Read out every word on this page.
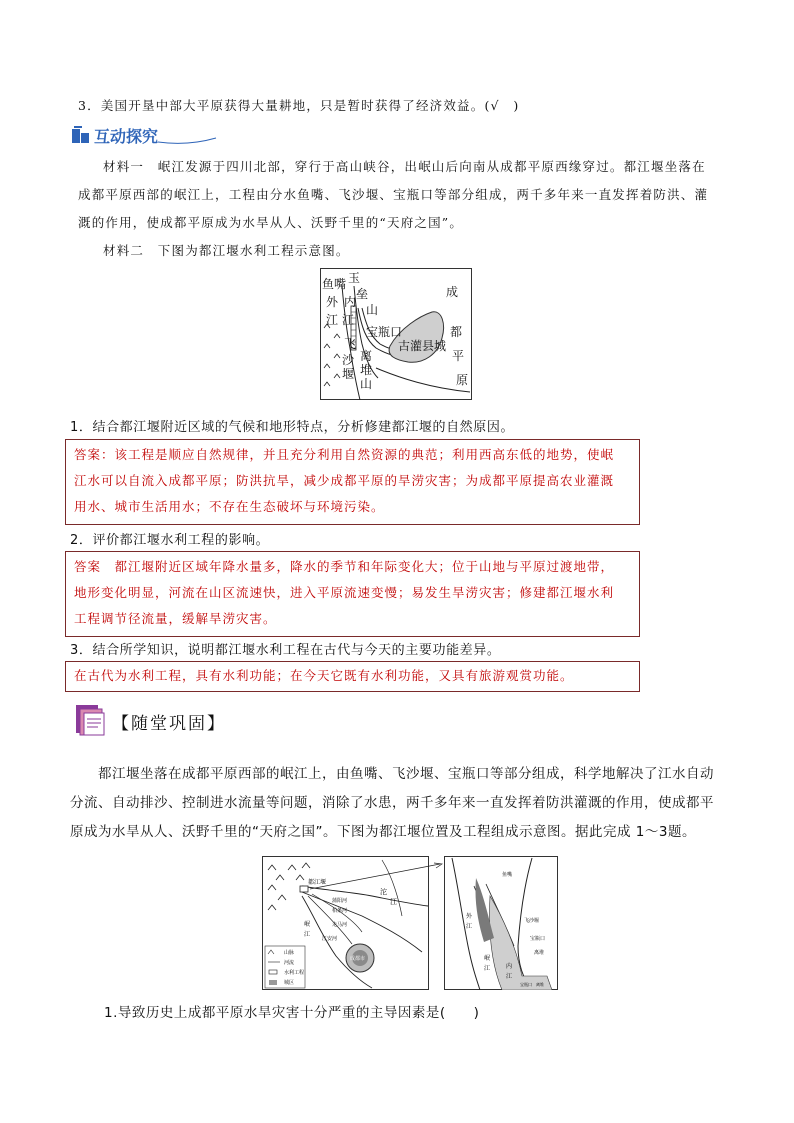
3．美国开垦中部大平原获得大量耕地，只是暂时获得了经济效益。(√　)
互动探究
材料一　岷江发源于四川北部，穿行于高山峡谷，出岷山后向南从成都平原西缘穿过。都江堰坐落在
成都平原西部的岷江上，工程由分水鱼嘴、飞沙堰、宝瓶口等部分组成，两千多年来一直发挥着防洪、灌
溉的作用，使成都平原成为水旱从人、沃野千里的“天府之国”。
材料二　下图为都江堰水利工程示意图。
鱼 嘴 玉
垒
山
外 内
江 江
宝瓶口
成
都
平
原
古灌县城
飞
沙
堰
离
堆
山
1．结合都江堰附近区域的气候和地形特点，分析修建都江堰的自然原因。
答案：该工程是顺应自然规律，并且充分利用自然资源的典范；利用西高东低的地势，使岷
江水可以自流入成都平原；防洪抗旱，减少成都平原的旱涝灾害；为成都平原提高农业灌溉
用水、城市生活用水；不存在生态破坏与环境污染。
2．评价都江堰水利工程的影响。
答案　都江堰附近区域年降水量多，降水的季节和年际变化大；位于山地与平原过渡地带，
地形变化明显，河流在山区流速快，进入平原流速变慢；易发生旱涝灾害；修建都江堰水利
工程调节径流量，缓解旱涝灾害。
3．结合所学知识，说明都江堰水利工程在古代与今天的主要功能差异。
在古代为水利工程，具有水利功能；在今天它既有水利功能，又具有旅游观赏功能。
【随堂巩固】
都江堰坐落在成都平原西部的岷江上，由鱼嘴、飞沙堰、宝瓶口等部分组成，科学地解决了江水自动
分流、自动排沙、控制进水流量等问题，消除了水患，两千多年来一直发挥着防洪灌溉的作用，使成都平
原成为水旱从人、沃野千里的“天府之国”。下图为都江堰位置及工程组成示意图。据此完成 1～3题。
都江堰
沱
江
蒲阳河
柏条河
走马河
江安河
岷
江
成都市
山脉
河流
水利工程
城区
鱼嘴
飞沙堰
宝瓶口
离堆
岷
江	内
江
外
江
宝瓶口 离堆
1.导致历史上成都平原水旱灾害十分严重的主导因素是(　　)
